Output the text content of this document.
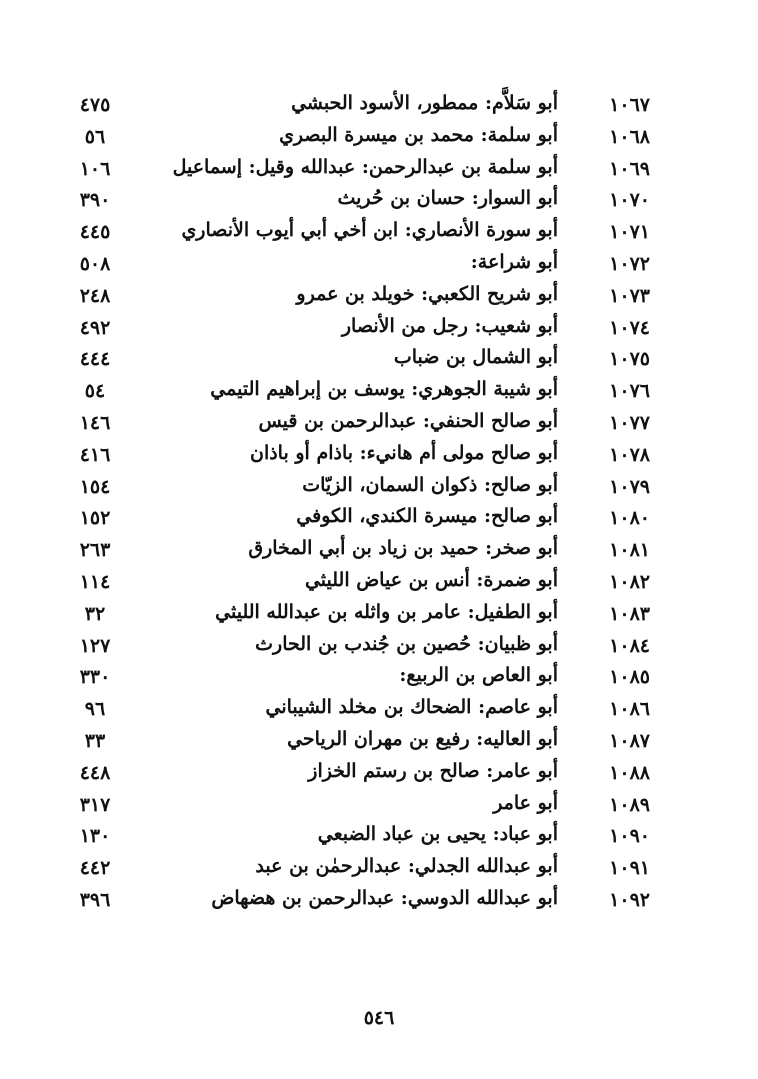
١٠٦٧
أبو سَلاَّم: ممطور، الأسود الحبشي
٤٧٥
١٠٦٨
أبو سلمة: محمد بن ميسرة البصري
٥٦
١٠٦٩
أبو سلمة بن عبدالرحمن: عبدالله وقيل: إسماعيل
١٠٦
١٠٧٠
أبو السوار: حسان بن حُريث
٣٩٠
١٠٧١
أبو سورة الأنصاري: ابن أخي أبي أيوب الأنصاري
٤٤٥
١٠٧٢
أبو شراعة:
٥٠٨
١٠٧٣
أبو شريح الكعبي: خويلد بن عمرو
٢٤٨
١٠٧٤
أبو شعيب: رجل من الأنصار
٤٩٢
١٠٧٥
أبو الشمال بن ضباب
٤٤٤
١٠٧٦
أبو شيبة الجوهري: يوسف بن إبراهيم التيمي
٥٤
١٠٧٧
أبو صالح الحنفي: عبدالرحمن بن قيس
١٤٦
١٠٧٨
أبو صالح مولى أم هانيء: باذام أو باذان
٤١٦
١٠٧٩
أبو صالح: ذكوان السمان، الزيّات
١٥٤
١٠٨٠
أبو صالح: ميسرة الكندي، الكوفي
١٥٢
١٠٨١
أبو صخر: حميد بن زياد بن أبي المخارق
٢٦٣
١٠٨٢
أبو ضمرة: أنس بن عياض الليثي
١١٤
١٠٨٣
أبو الطفيل: عامر بن واثله بن عبدالله الليثي
٣٢
١٠٨٤
أبو ظبيان: حُصين بن جُندب بن الحارث
١٢٧
١٠٨٥
أبو العاص بن الربيع:
٣٣٠
١٠٨٦
أبو عاصم: الضحاك بن مخلد الشيباني
٩٦
١٠٨٧
أبو العاليه: رفيع بن مهران الرياحي
٣٣
١٠٨٨
أبو عامر: صالح بن رستم الخزاز
٤٤٨
١٠٨٩
أبو عامر
٣١٧
١٠٩٠
أبو عباد: يحيى بن عباد الضبعي
١٣٠
١٠٩١
أبو عبدالله الجدلي: عبدالرحمٰن بن عبد
٤٤٢
١٠٩٢
أبو عبدالله الدوسي: عبدالرحمن بن هضهاض
٣٩٦
٥٤٦
